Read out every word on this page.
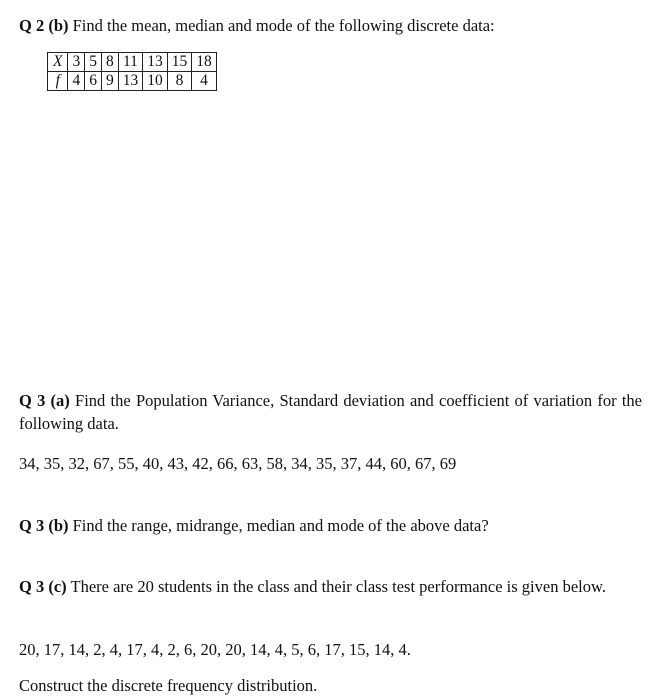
Q 2 (b) Find the mean, median and mode of the following discrete data:
X	3	5	8	11	13	15	18
f	4	6	9	13	10	8	4
Q 3 (a) Find the Population Variance, Standard deviation and coefficient of variation for the following data.
34, 35, 32, 67, 55, 40, 43, 42, 66, 63, 58, 34, 35, 37, 44, 60, 67, 69
Q 3 (b) Find the range, midrange, median and mode of the above data?
Q 3 (c) There are 20 students in the class and their class test performance is given below.
20, 17, 14, 2, 4, 17, 4, 2, 6, 20, 20, 14, 4, 5, 6, 17, 15, 14, 4.
Construct the discrete frequency distribution.
